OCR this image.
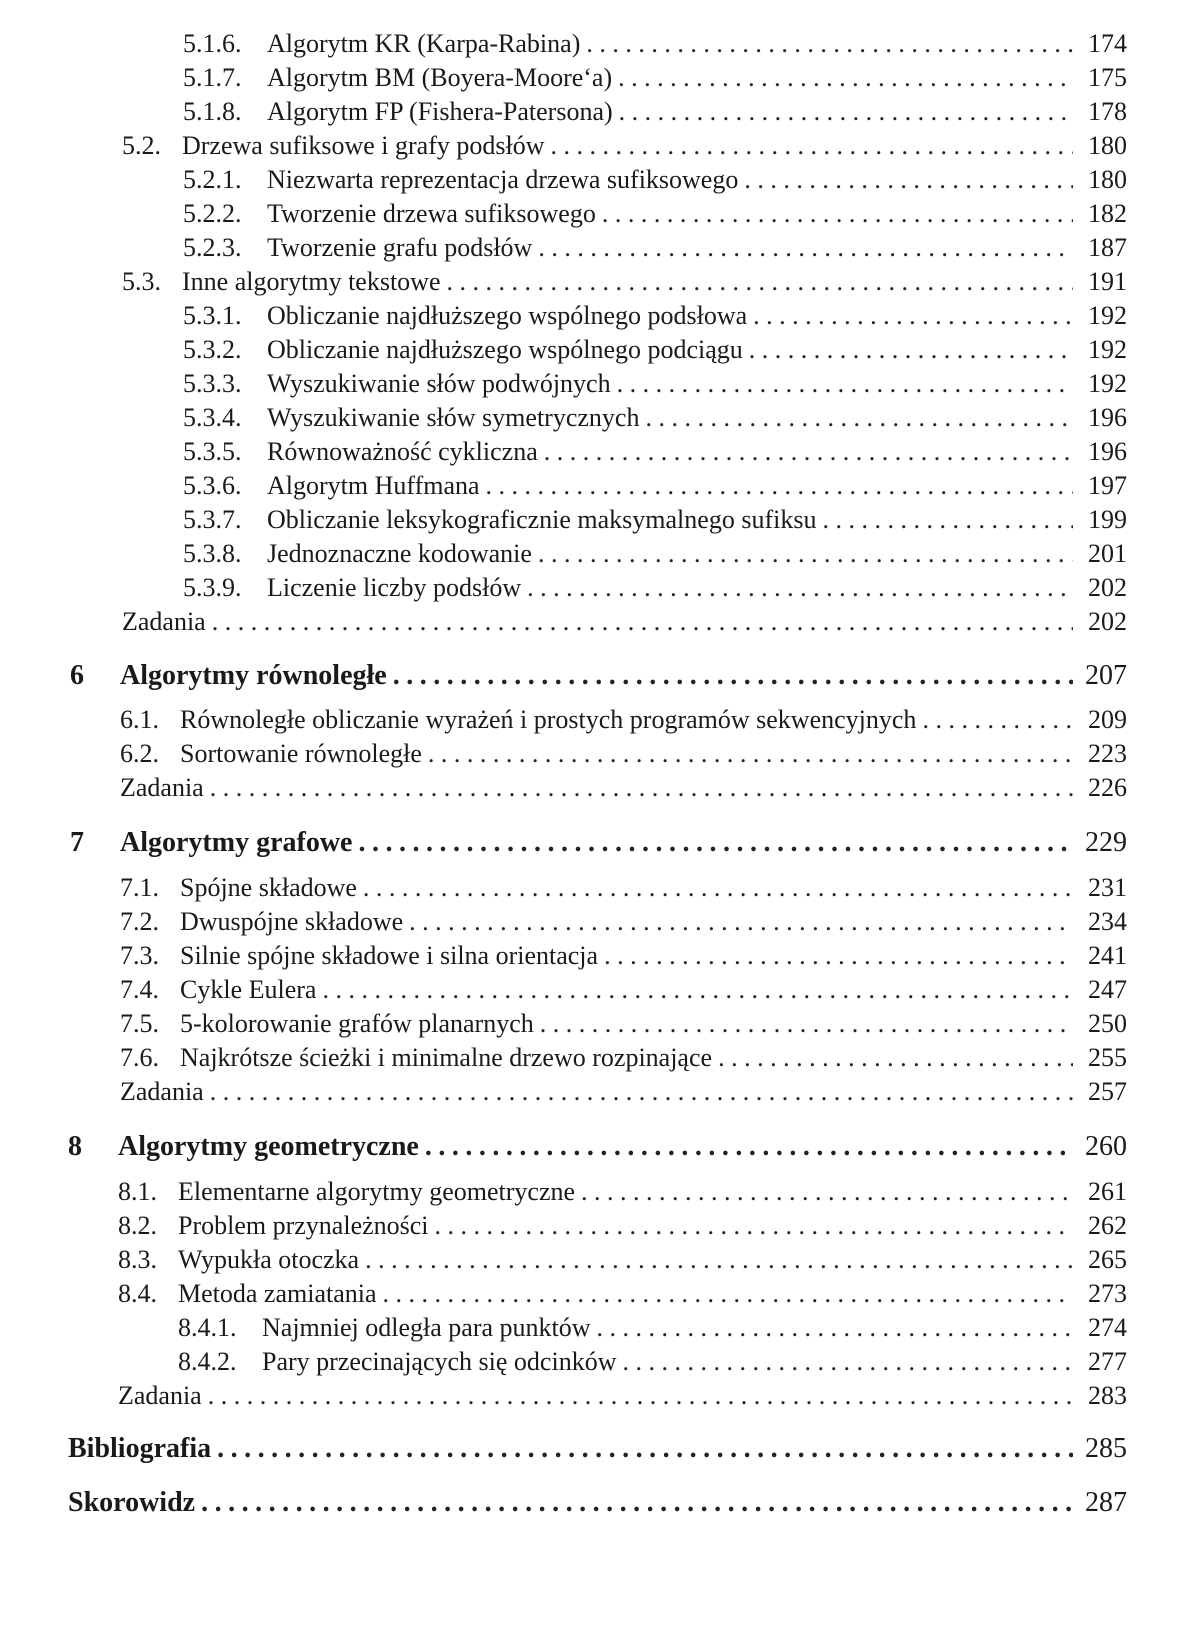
5.1.6. Algorytm KR (Karpa-Rabina) .....	174
5.1.7. Algorytm BM (Boyera-Moore‘a) .....	175
5.1.8. Algorytm FP (Fishera-Patersona) .....	178
5.2. Drzewa sufiksowe i grafy podsłów .....	180
5.2.1. Niezwarta reprezentacja drzewa sufiksowego .....	180
5.2.2. Tworzenie drzewa sufiksowego .....	182
5.2.3. Tworzenie grafu podsłów .....	187
5.3. Inne algorytmy tekstowe .....	191
5.3.1. Obliczanie najdłuższego wspólnego podsłowa .....	192
5.3.2. Obliczanie najdłuższego wspólnego podciągu .....	192
5.3.3. Wyszukiwanie słów podwójnych .....	192
5.3.4. Wyszukiwanie słów symetrycznych .....	196
5.3.5. Równoważność cykliczna .....	196
5.3.6. Algorytm Huffmana .....	197
5.3.7. Obliczanie leksykograficznie maksymalnego sufiksu .....	199
5.3.8. Jednoznaczne kodowanie .....	201
5.3.9. Liczenie liczby podsłów .....	202
Zadania .....	202
6	Algorytmy równoległe .....	207
6.1. Równoległe obliczanie wyrażeń i prostych programów sekwencyjnych .....	209
6.2. Sortowanie równoległe .....	223
Zadania .....	226
7	Algorytmy grafowe .....	229
7.1. Spójne składowe .....	231
7.2. Dwuspójne składowe .....	234
7.3. Silnie spójne składowe i silna orientacja .....	241
7.4. Cykle Eulera .....	247
7.5. 5-kolorowanie grafów planarnych .....	250
7.6. Najkrótsze ścieżki i minimalne drzewo rozpinające .....	255
Zadania .....	257
8	Algorytmy geometryczne .....	260
8.1. Elementarne algorytmy geometryczne .....	261
8.2. Problem przynależności .....	262
8.3. Wypukła otoczka .....	265
8.4. Metoda zamiatania .....	273
8.4.1. Najmniej odległa para punktów .....	274
8.4.2. Pary przecinających się odcinków .....	277
Zadania .....	283
Bibliografia .....	285
Skorowidz .....	287
